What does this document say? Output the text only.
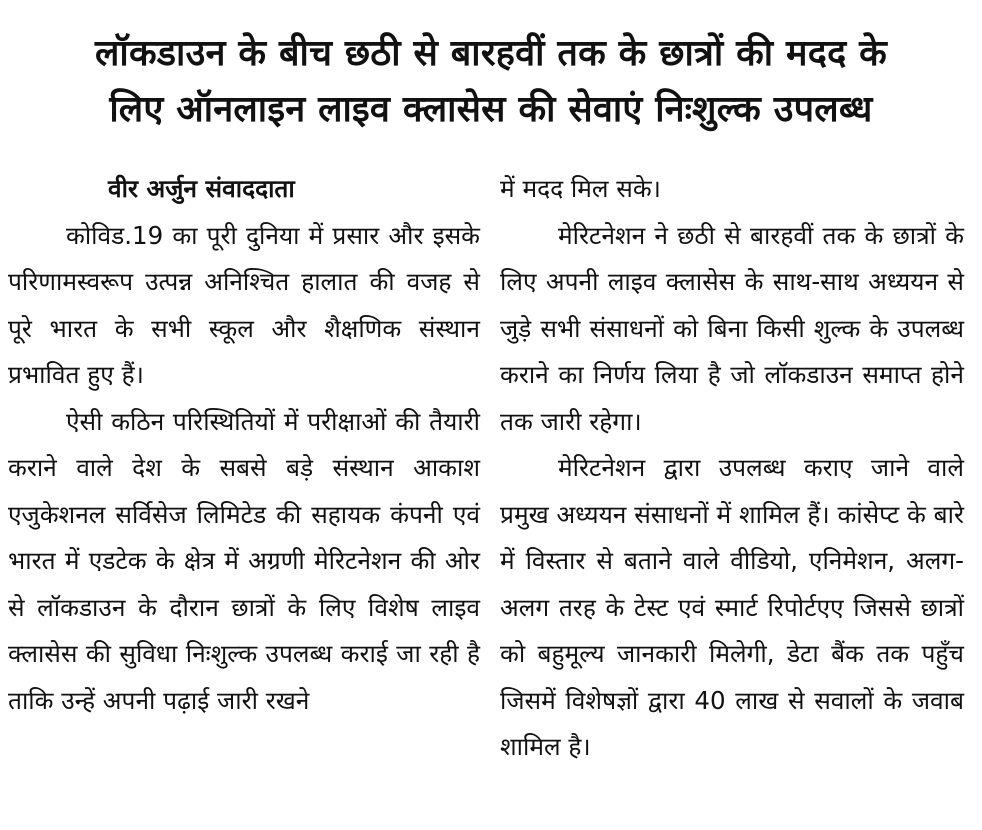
लॉकडाउन के बीच छठी से बारहवीं तक के छात्रों की मदद के
लिए ऑनलाइन लाइव क्लासेस की सेवाएं निःशुल्क उपलब्ध
वीर अर्जुन संवाददाता

कोविड.19 का पूरी दुनिया में प्रसार और इसके परिणामस्वरूप उत्पन्न अनिश्चित हालात की वजह से पूरे भारत के सभी स्कूल और शैक्षणिक संस्थान प्रभावित हुए हैं।

ऐसी कठिन परिस्थितियों में परीक्षाओं की तैयारी कराने वाले देश के सबसे बड़े संस्थान आकाश एजुकेशनल सर्विसेज लिमिटेड की सहायक कंपनी एवं भारत में एडटेक के क्षेत्र में अग्रणी मेरिटनेशन की ओर से लॉकडाउन के दौरान छात्रों के लिए विशेष लाइव क्लासेस की सुविधा निःशुल्क उपलब्ध कराई जा रही है ताकि उन्हें अपनी पढ़ाई जारी रखने

में मदद मिल सके।

मेरिटनेशन ने छठी से बारहवीं तक के छात्रों के लिए अपनी लाइव क्लासेस के साथ-साथ अध्ययन से जुड़े सभी संसाधनों को बिना किसी शुल्क के उपलब्ध कराने का निर्णय लिया है जो लॉकडाउन समाप्त होने तक जारी रहेगा।

मेरिटनेशन द्वारा उपलब्ध कराए जाने वाले प्रमुख अध्ययन संसाधनों में शामिल हैं। कांसेप्ट के बारे में विस्तार से बताने वाले वीडियो, एनिमेशन, अलग-अलग तरह के टेस्ट एवं स्मार्ट रिपोर्टएए जिससे छात्रों को बहुमूल्य जानकारी मिलेगी, डेटा बैंक तक पहुँच जिसमें विशेषज्ञों द्वारा 40 लाख से सवालों के जवाब शामिल है।
